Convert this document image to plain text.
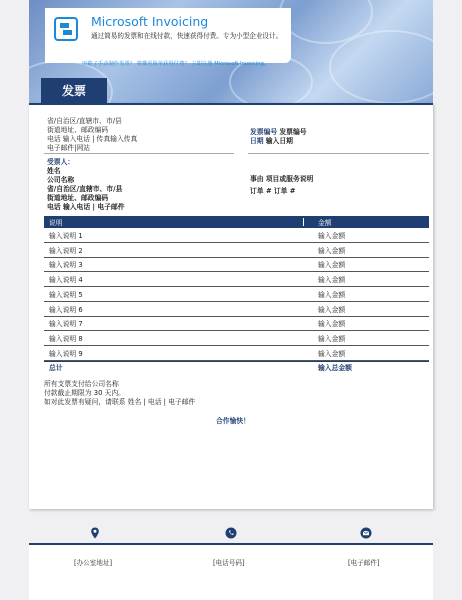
Microsoft Invoicing
通过简易的发票和在线付款，快速获得付费。专为小型企业设计。
厌倦了手动制作发票？ 将徽更简单获得付费？ 立即注册 Microsoft Invoicing。
发票
省/自治区/直辖市、市/县
街道地址、邮政编码
电话 输入电话 | 传真输入传真
电子邮件|网站
发票编号 发票编号
日期 输入日期
受票人：
姓名
公司名称
省/自治区/直辖市、市/县
街道地址、邮政编码
电话 输入电话 | 电子邮件
事由 项目或服务说明
订单 # 订单 #
说明	金额
输入说明 1	输入金额
输入说明 2	输入金额
输入说明 3	输入金额
输入说明 4	输入金额
输入说明 5	输入金额
输入说明 6	输入金额
输入说明 7	输入金额
输入说明 8	输入金额
输入说明 9	输入金额
总计	输入总金额
所有支票支付给公司名称
付款截止期限为 30 天内。
如对此发票有疑问，请联系 姓名 | 电话 | 电子邮件
合作愉快！
[办公室地址]	[电话号码]	[电子邮件]
